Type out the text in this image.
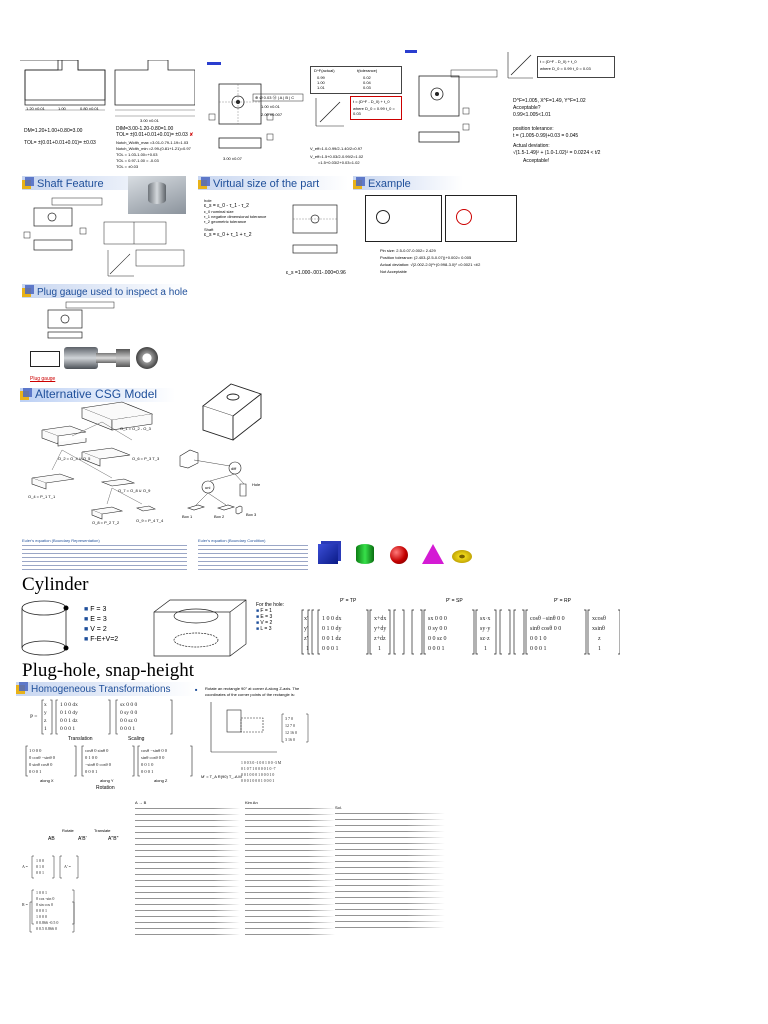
1.20 ±0.01	1.00	0.80 ±0.01
3.00 ±0.01
DM=1.20+1.00+0.80=3.00
TOL= ±(0.01+0.01+0.01)= ±0.03
DIM=3.00-1.20-0.80=1.00
TOL= ±(0.01+0.01+0.01)= ±0.03 ✘
Notch_Width_max =3.01-0.79-1.19=1.03
Notch_Width_min =2.99-(0.81+1.21)=0.97
TOL = 1.03-1.00=+0.03
TOL = 0.97-1.00 = -0.03
TOL = ±0.03
⊕ Ø 0.03 Ⓜ | A | B | C
1.00 ±0.01
2.00 ±0.007
3.00 ±0.07
D^F(actual)	t(tolerance)
0.99	0.02
1.00	0.04
1.01	0.03
t = (D^F - D_0) + t_0
where D_0 = 0.99 t_0 = 0.03
V_eff=1.0-0.99/2-1.40/2=0.97
V_eff=1.5+0.03/2-0.99/2=1.02
=1.5+0.03/2+0.03=1.02
t = (D^F - D_0) + t_0
where D_0 = 0.99 t_0 = 0.03
D^F=1.005, X^F=1.49, Y^F=1.02
Acceptable?
0.99<1.005<1.01
position tolerance:
t = (1.005-0.99)+0.03 = 0.045
Actual deviation:
√(1.5-1.49)² + (1.0-1.02)² = 0.0224 < t/2
Acceptable!
Shaft Feature	Virtual size of the part
hole
ε_s = ε_0 - τ_1 - τ_2
ε_0 nominal size
τ_1 negative dimensional tolerance
τ_2 geometric tolerance
Shaft
ε_s = ε_0 + τ_1 + τ_2
ε_s =1.000-.001-.000=0.96
Example
Pin size: 2.5-0.07-0.002= 2.429
Position tolerance: (2.403-(2.5-0.07))+0.002= 0.005
Actual deviation: √(2.002-2.0)²+(0.998-3.0)² =0.0021 <t/2
Not Acceptable
Plug gauge used to inspect a hole
Plug gauge
Alternative CSG Model
O_1 = O_2 - O_3
O_2 = O_4 ∪ O_5	O_6 = P_3 T_3
O_4 = P_1 T_1
O_7 = O_8 ∪ O_9
O_8 = P_2 T_2	O_9 = P_4 T_4
diff
uni
Hole
Box 1	Box 2	Box 3
Euler's equation (Boundary Representation)	Euler's equation (Boundary Condition)
Cylinder
■ F = 3
■ E = 3
■ V = 2
■ F-E+V=2
For the hole:
■ F = 1
■ E = 3
■ V = 2
■ L = 3
P' = TP	P' = SP	P' = RP
x'
y'
z'
1
1 0 0 dx
0 1 0 dy
0 0 1 dz
0 0 0 1
x+dx
y+dy
z+dz
1
sx 0 0 0
0 sy 0 0
0 0 sz 0
0 0 0 1
sx·x
sy·y
sz·z
1
cosθ −sinθ 0 0
sinθ cosθ 0 0
0 0 1 0
0 0 0 1
xcosθ
xsinθ
z
1
Plug-hole, snap-height
Homogeneous Transformations
P =
x
y
z
1
1 0 0 dx
0 1 0 dy
0 0 1 dz
0 0 0 1
sx 0 0 0
0 sy 0 0
0 0 sz 0
0 0 0 1
Translation	Scaling
1 0 0 0
0 cosθ −sinθ 0
0 sinθ cosθ 0
0 0 0 1
cosθ 0 sinθ 0
0 1 0 0
−sinθ 0 cosθ 0
0 0 0 1
cosθ −sinθ 0 0
sinθ cosθ 0 0
0 0 1 0
0 0 0 1
along X	along Y	along Z
Rotation
■ Rotate an rectangle 90° at corner A along Z-axis. The
coordinates of the corner points of the rectangle is:
3 7 0
12 7 0
12 16 0
3 16 0
M' = T_A R(90) T_-A M
1 0 0 3 0 -1 0 0 1 0 0 -3 M
0 1 0 7 1 0 0 0 0 1 0 -7
0 0 1 0 0 0 1 0 0 0 1 0
0 0 0 1 0 0 0 1 0 0 0 1
Rotate	Translate
AB	A'B'	A''B''
A =
1 0 0
0 1 0
0 0 1
A' =
1 0 0 1
0 cos -sin 0
0 sin cos 0
0 0 0 1
R =
1 0 0 0
0 0.866 -0.5 0
0 0.5 0.866 0
A → B	Kim An
Sol.
